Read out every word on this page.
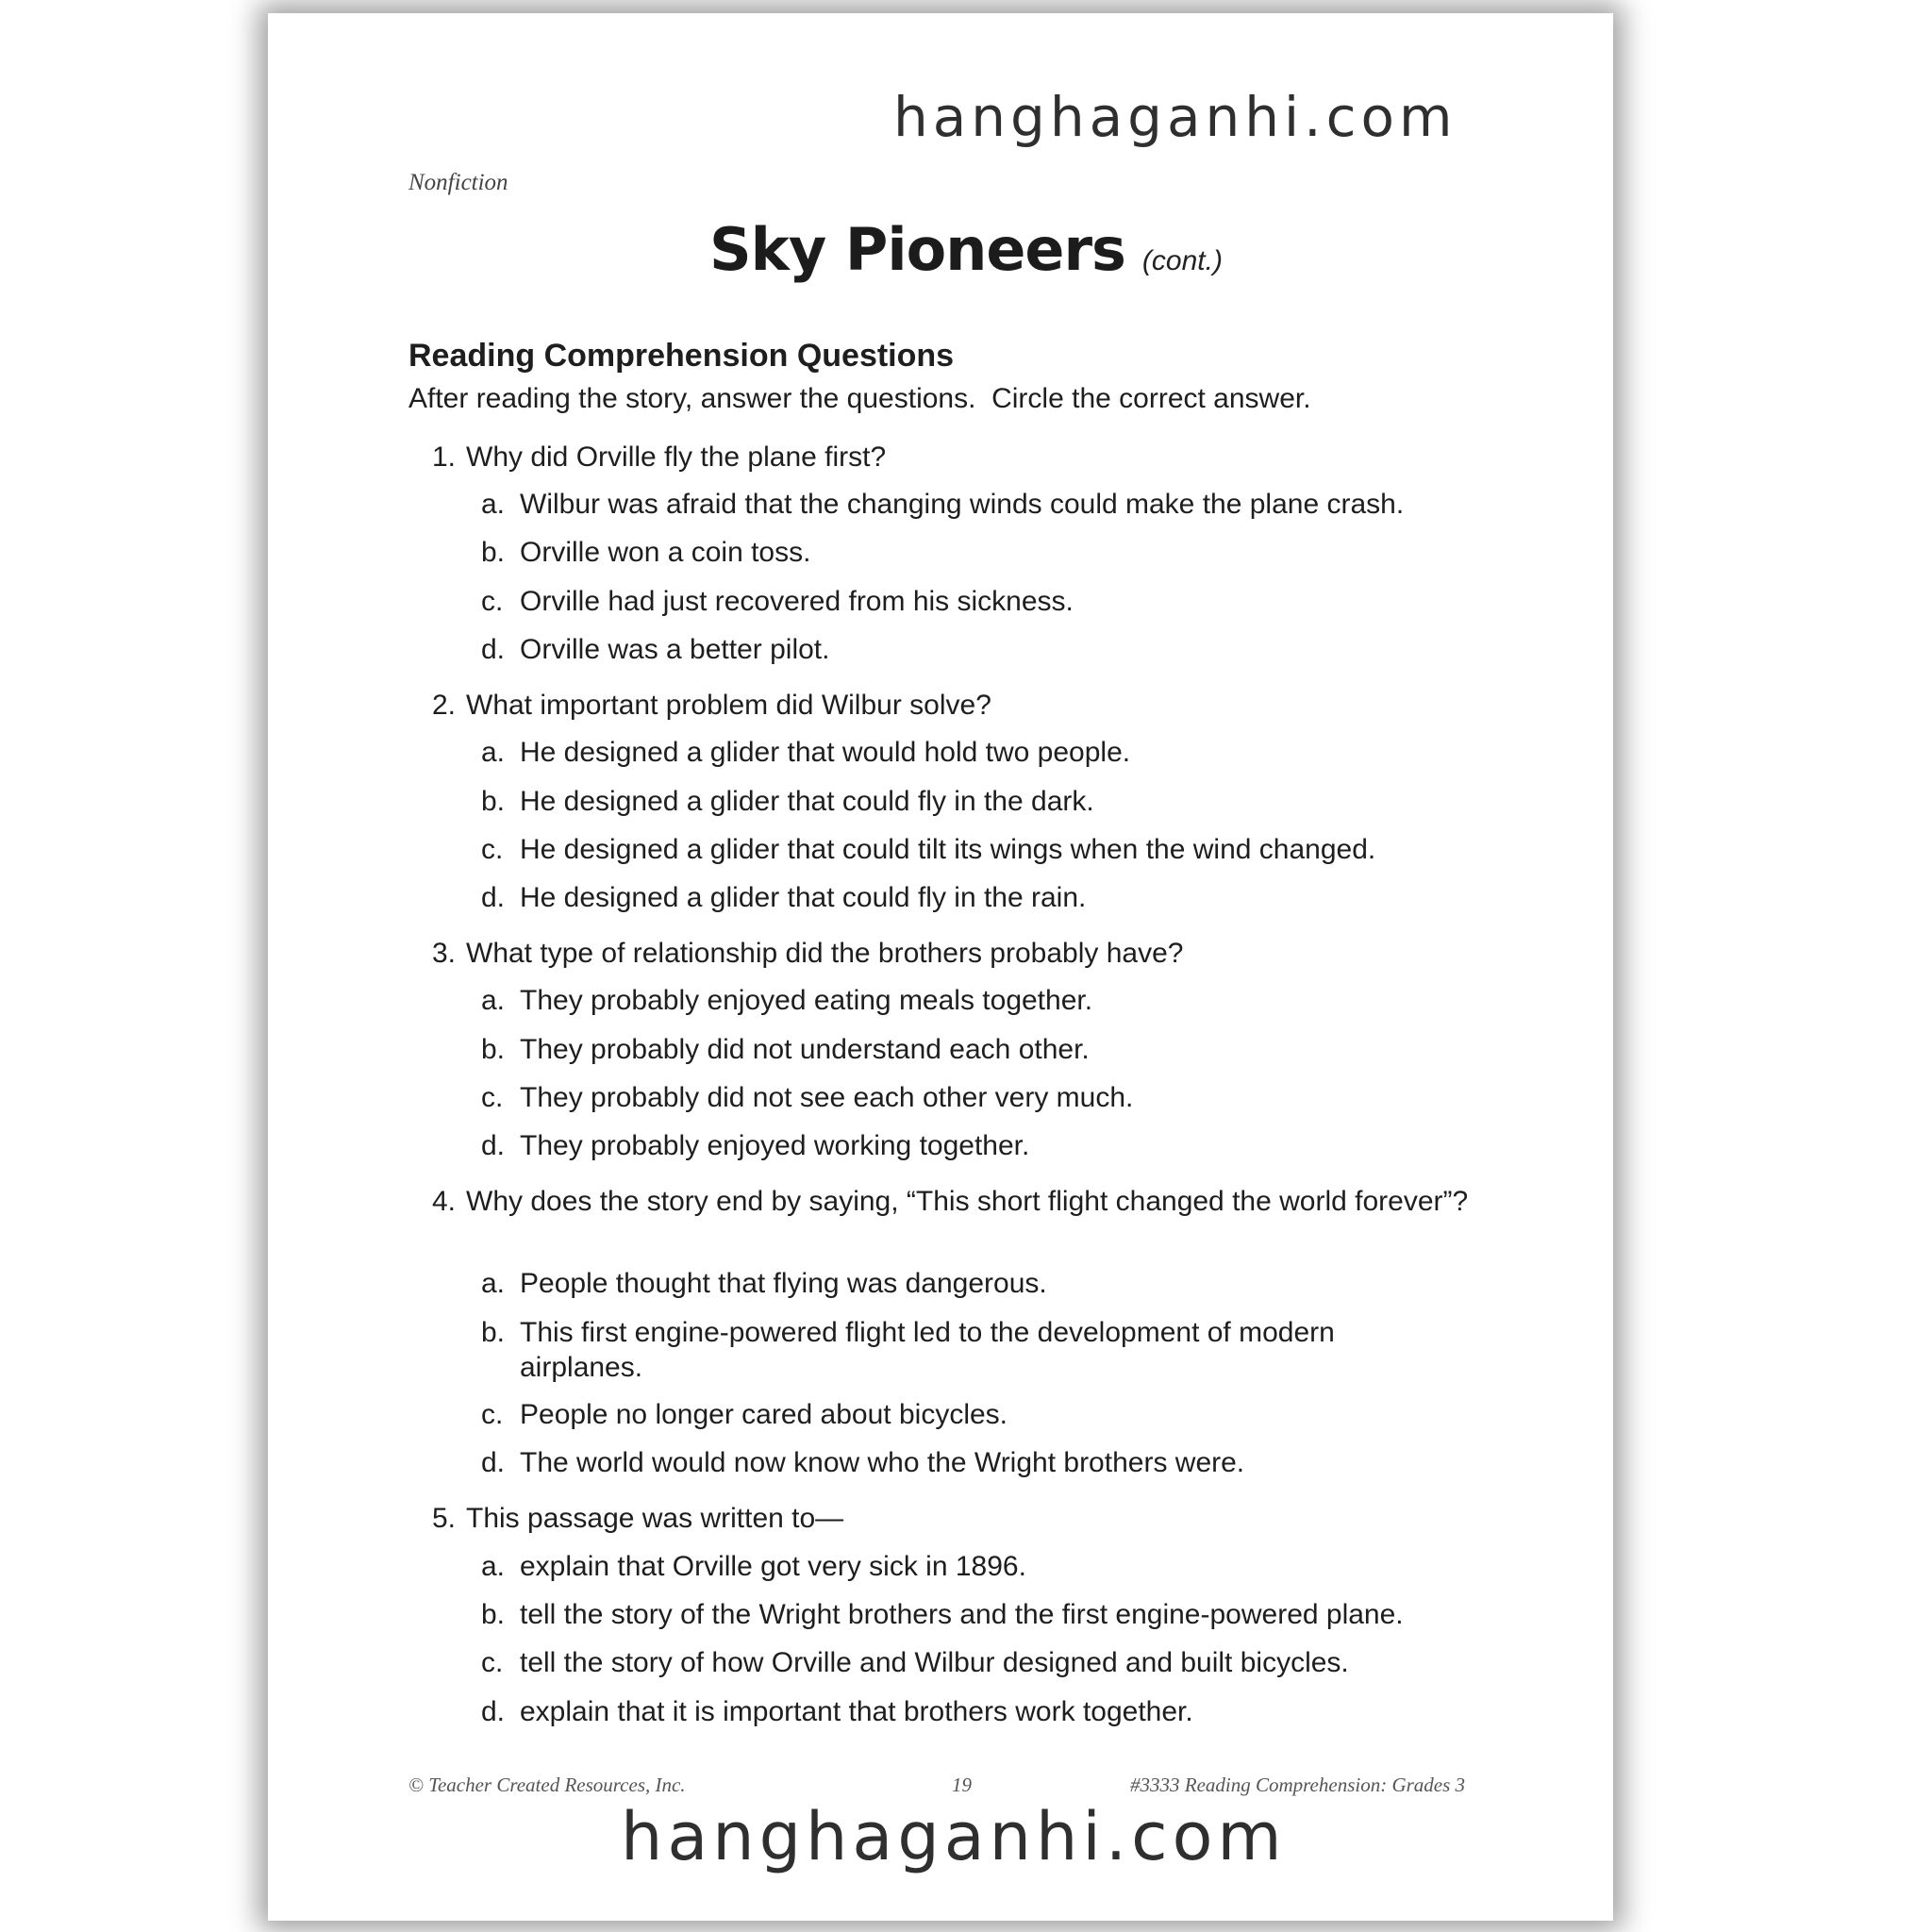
hanghaganhi.com
Nonfiction
Sky Pioneers (cont.)
Reading Comprehension Questions
After reading the story, answer the questions.  Circle the correct answer.
1. Why did Orville fly the plane first?
a. Wilbur was afraid that the changing winds could make the plane crash.
b. Orville won a coin toss.
c. Orville had just recovered from his sickness.
d. Orville was a better pilot.
2. What important problem did Wilbur solve?
a. He designed a glider that would hold two people.
b. He designed a glider that could fly in the dark.
c. He designed a glider that could tilt its wings when the wind changed.
d. He designed a glider that could fly in the rain.
3. What type of relationship did the brothers probably have?
a. They probably enjoyed eating meals together.
b. They probably did not understand each other.
c. They probably did not see each other very much.
d. They probably enjoyed working together.
4. Why does the story end by saying, “This short flight changed the world forever”?
a. People thought that flying was dangerous.
b. This first engine-powered flight led to the development of modern airplanes.
c. People no longer cared about bicycles.
d. The world would now know who the Wright brothers were.
5. This passage was written to—
a. explain that Orville got very sick in 1896.
b. tell the story of the Wright brothers and the first engine-powered plane.
c. tell the story of how Orville and Wilbur designed and built bicycles.
d. explain that it is important that brothers work together.
© Teacher Created Resources, Inc.	19	#3333 Reading Comprehension: Grades 3
hanghaganhi.com
